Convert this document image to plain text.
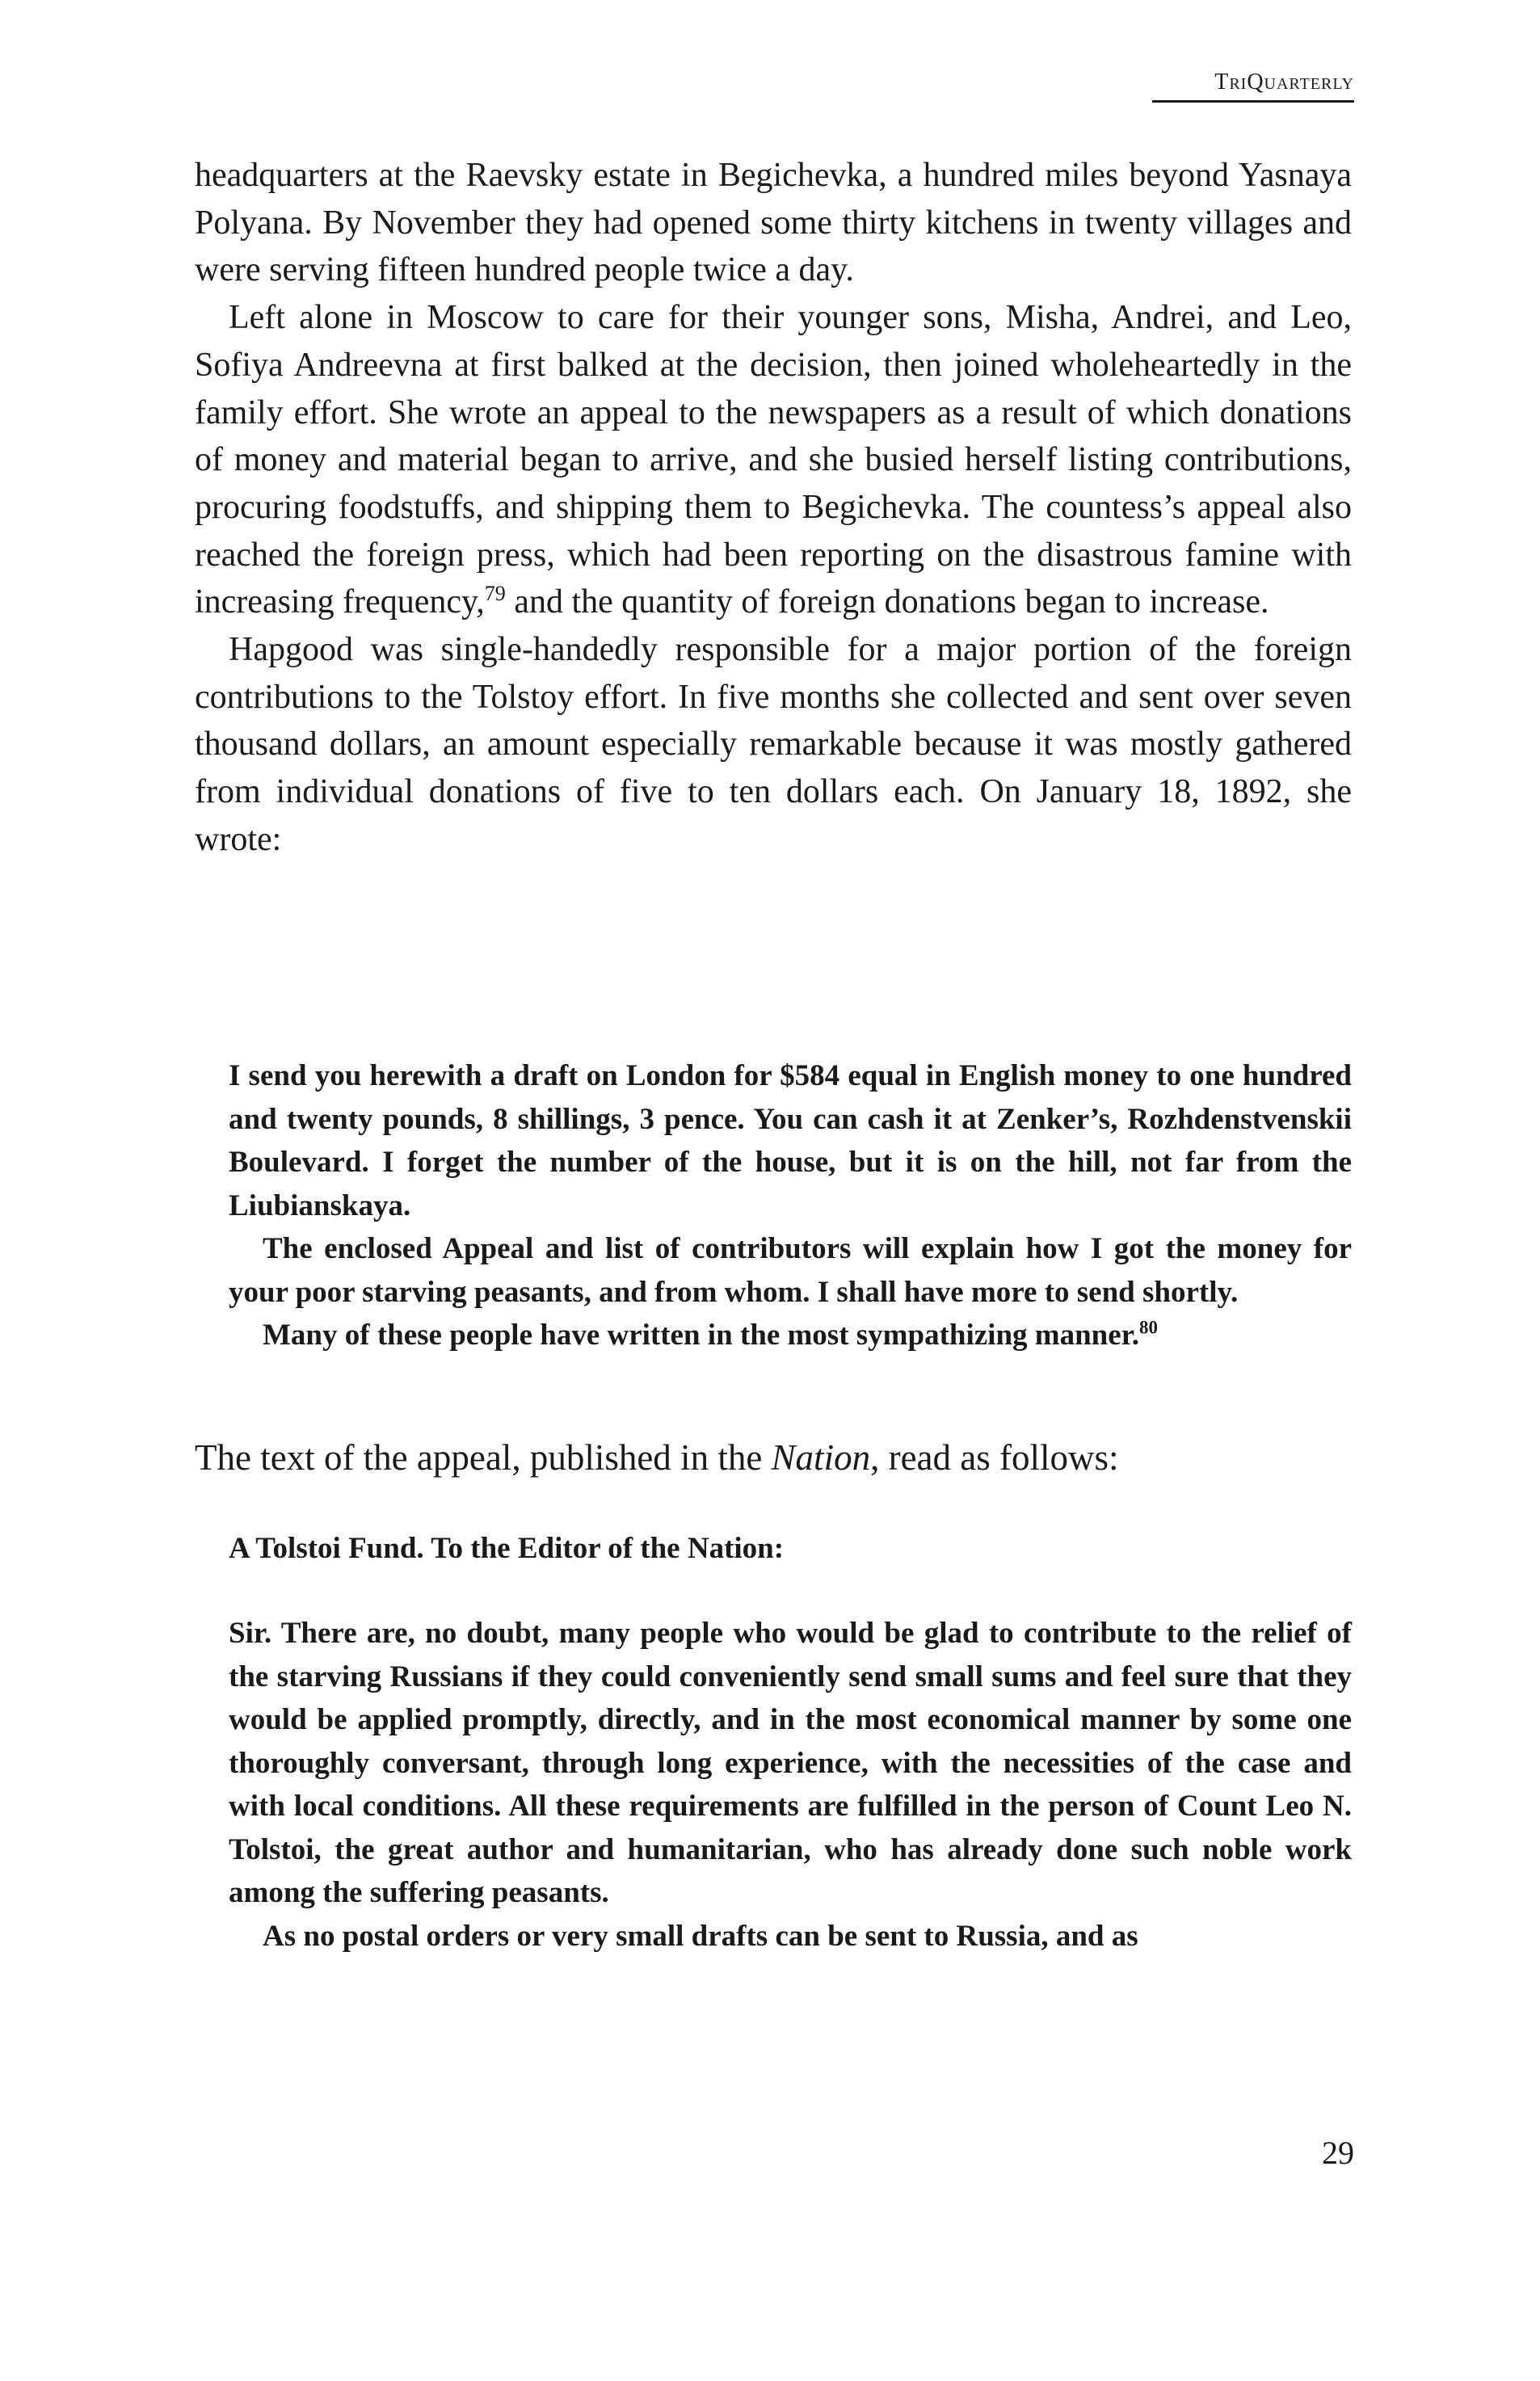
TriQuarterly

headquarters at the Raevsky estate in Begichevka, a hundred miles beyond Yasnaya Polyana. By November they had opened some thirty kitchens in twenty villages and were serving fifteen hundred people twice a day.

Left alone in Moscow to care for their younger sons, Misha, Andrei, and Leo, Sofiya Andreevna at first balked at the decision, then joined wholeheartedly in the family effort. She wrote an appeal to the newspapers as a result of which donations of money and material began to arrive, and she busied herself listing contributions, procuring foodstuffs, and shipping them to Begichevka. The countess’s appeal also reached the foreign press, which had been reporting on the disastrous famine with increasing frequency,$^{79}$ and the quantity of foreign donations began to increase.

Hapgood was single-handedly responsible for a major portion of the foreign contributions to the Tolstoy effort. In five months she collected and sent over seven thousand dollars, an amount especially remarkable because it was mostly gathered from individual donations of five to ten dollars each. On January 18, 1892, she wrote:

I send you herewith a draft on London for $584 equal in English money to one hundred and twenty pounds, 8 shillings, 3 pence. You can cash it at Zenker’s, Rozhdenstvenskii Boulevard. I forget the number of the house, but it is on the hill, not far from the Liubianskaya.

The enclosed Appeal and list of contributors will explain how I got the money for your poor starving peasants, and from whom. I shall have more to send shortly.

Many of these people have written in the most sympathizing manner.$^{80}$

The text of the appeal, published in the Nation, read as follows:

A Tolstoi Fund. To the Editor of the Nation:

Sir. There are, no doubt, many people who would be glad to contribute to the relief of the starving Russians if they could conveniently send small sums and feel sure that they would be applied promptly, directly, and in the most economical manner by some one thoroughly conversant, through long experience, with the necessities of the case and with local conditions. All these requirements are fulfilled in the person of Count Leo N. Tolstoi, the great author and humanitarian, who has already done such noble work among the suffering peasants.

As no postal orders or very small drafts can be sent to Russia, and as

29
